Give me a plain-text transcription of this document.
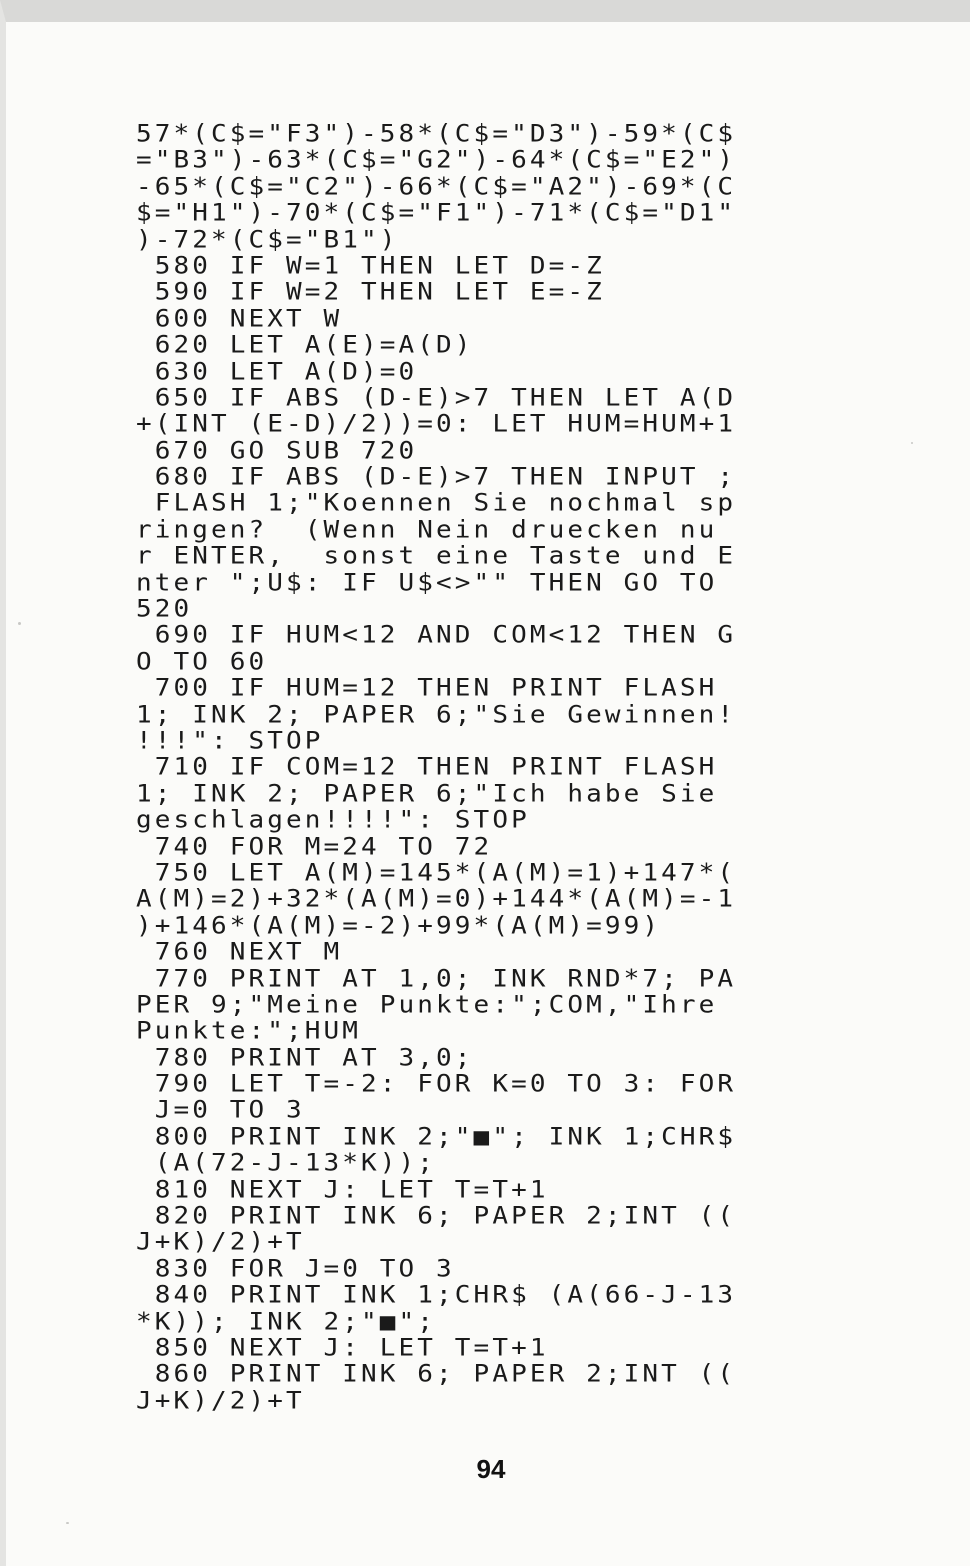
57*(C$="F3")-58*(C$="D3")-59*(C$
="B3")-63*(C$="G2")-64*(C$="E2")
-65*(C$="C2")-66*(C$="A2")-69*(C
$="H1")-70*(C$="F1")-71*(C$="D1"
)-72*(C$="B1")
580 IF W=1 THEN LET D=-Z
590 IF W=2 THEN LET E=-Z
600 NEXT W
620 LET A(E)=A(D)
630 LET A(D)=0
650 IF ABS (D-E)>7 THEN LET A(D
+(INT (E-D)/2))=0: LET HUM=HUM+1
670 GO SUB 720
680 IF ABS (D-E)>7 THEN INPUT ;
FLASH 1;"Koennen Sie nochmal sp
ringen?  (Wenn Nein druecken nu
r ENTER,  sonst eine Taste und E
nter ";U$: IF U$<>"" THEN GO TO
520
690 IF HUM<12 AND COM<12 THEN G
O TO 60
700 IF HUM=12 THEN PRINT FLASH
1; INK 2; PAPER 6;"Sie Gewinnen!
!!!": STOP
710 IF COM=12 THEN PRINT FLASH
1; INK 2; PAPER 6;"Ich habe Sie
geschlagen!!!!": STOP
740 FOR M=24 TO 72
750 LET A(M)=145*(A(M)=1)+147*(
A(M)=2)+32*(A(M)=0)+144*(A(M)=-1
)+146*(A(M)=-2)+99*(A(M)=99)
760 NEXT M
770 PRINT AT 1,0; INK RND*7; PA
PER 9;"Meine Punkte:";COM,"Ihre
Punkte:";HUM
780 PRINT AT 3,0;
790 LET T=-2: FOR K=0 TO 3: FOR
J=0 TO 3
800 PRINT INK 2;"■"; INK 1;CHR$
(A(72-J-13*K));
810 NEXT J: LET T=T+1
820 PRINT INK 6; PAPER 2;INT ((
J+K)/2)+T
830 FOR J=0 TO 3
840 PRINT INK 1;CHR$ (A(66-J-13
*K)); INK 2;"■";
850 NEXT J: LET T=T+1
860 PRINT INK 6; PAPER 2;INT ((
J+K)/2)+T
94
